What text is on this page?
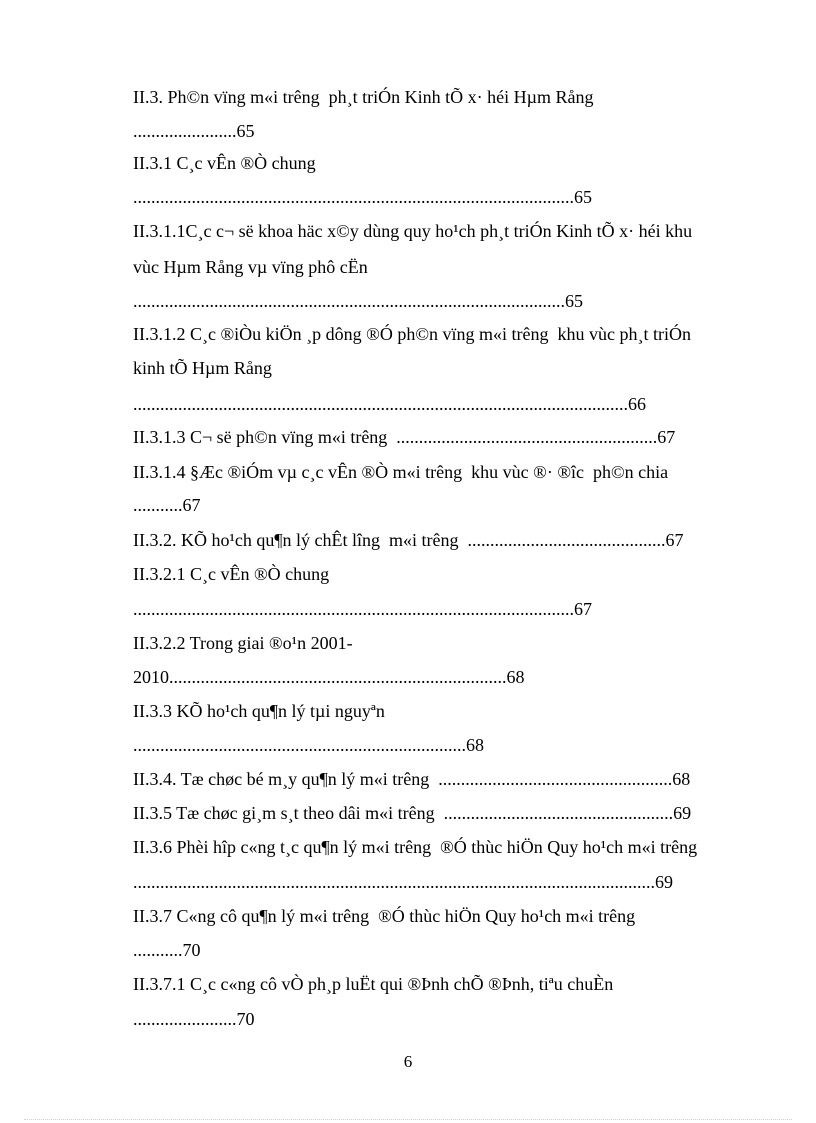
II.3. Ph©n vïng m«i trêng  ph¸t triÓn Kinh tÕ x· héi Hµm Rång
.......................65
II.3.1 C¸c vÊn ®Ò chung
..................................................................................................65
II.3.1.1C¸c c¬ së khoa häc x©y dùng quy ho¹ch ph¸t triÓn Kinh tÕ x· héi khu
vùc Hµm Rång vµ vïng phô cËn
................................................................................................65
II.3.1.2 C¸c ®iÒu kiÖn ¸p dông ®Ó ph©n vïng m«i trêng  khu vùc ph¸t triÓn
kinh tÕ Hµm Rång
..............................................................................................................66
II.3.1.3 C¬ së ph©n vïng m«i trêng  ..........................................................67
II.3.1.4 §Æc ®iÓm vµ c¸c vÊn ®Ò m«i trêng  khu vùc ®· ®îc  ph©n chia
...........67
II.3.2. KÕ ho¹ch qu¶n lý chÊt lîng  m«i trêng  ............................................67
II.3.2.1 C¸c vÊn ®Ò chung
..................................................................................................67
II.3.2.2 Trong giai ®o¹n 2001-
2010...........................................................................68
II.3.3 KÕ ho¹ch qu¶n lý tµi nguyªn
..........................................................................68
II.3.4. Tæ chøc bé m¸y qu¶n lý m«i trêng  ....................................................68
II.3.5 Tæ chøc gi¸m s¸t theo dâi m«i trêng  ...................................................69
II.3.6 Phèi hîp c«ng t¸c qu¶n lý m«i trêng  ®Ó thùc hiÖn Quy ho¹ch m«i trêng
....................................................................................................................69
II.3.7 C«ng cô qu¶n lý m«i trêng  ®Ó thùc hiÖn Quy ho¹ch m«i trêng
...........70
II.3.7.1 C¸c c«ng cô vÒ ph¸p luËt qui ®Þnh chÕ ®Þnh, tiªu chuÈn
.......................70
6
